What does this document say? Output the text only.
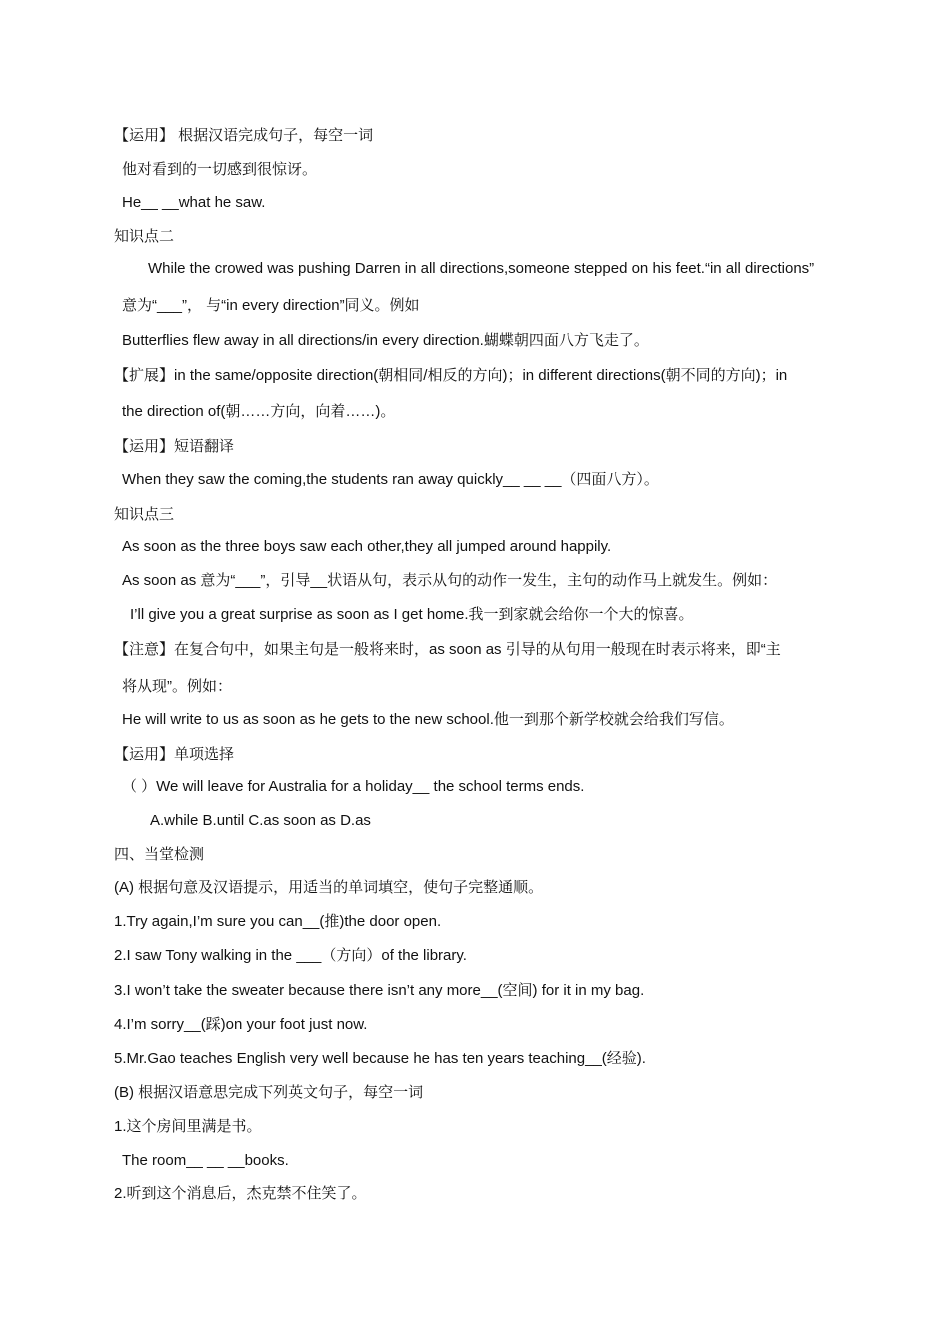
【运用】 根据汉语完成句子，每空一词
他对看到的一切感到很惊讶。
He__ __what he saw.
知识点二
While the crowed was pushing Darren in all directions,someone stepped on his feet.“in all directions”
意为“___”， 与“in every direction”同义。例如
Butterflies flew away in all directions/in every direction.蝴蝶朝四面八方飞走了。
【扩展】in the same/opposite direction(朝相同/相反的方向)；in different directions(朝不同的方向)；in
the direction of(朝……方向，向着……)。
【运用】短语翻译
When they saw the coming,the students ran away quickly__ __ __（四面八方）。
知识点三
As soon as the three boys saw each other,they all jumped around happily.
As soon as 意为“___”，引导__状语从句，表示从句的动作一发生，主句的动作马上就发生。例如：
I’ll give you a great surprise as soon as I get home.我一到家就会给你一个大的惊喜。
【注意】在复合句中，如果主句是一般将来时，as soon as 引导的从句用一般现在时表示将来，即“主
将从现”。例如：
He will write to us as soon as he gets to the new school.他一到那个新学校就会给我们写信。
【运用】单项选择
（ ）We will leave for Australia for a holiday__ the school terms ends.
A.while B.until C.as soon as D.as
四、当堂检测
(A) 根据句意及汉语提示，用适当的单词填空，使句子完整通顺。
1.Try again,I’m sure you can__(推)the door open.
2.I saw Tony walking in the ___（方向）of the library.
3.I won’t take the sweater because there isn’t any more__(空间) for it in my bag.
4.I’m sorry__(踩)on your foot just now.
5.Mr.Gao teaches English very well because he has ten years teaching__(经验).
(B) 根据汉语意思完成下列英文句子，每空一词
1.这个房间里满是书。
The room__ __ __books.
2.听到这个消息后，杰克禁不住笑了。
